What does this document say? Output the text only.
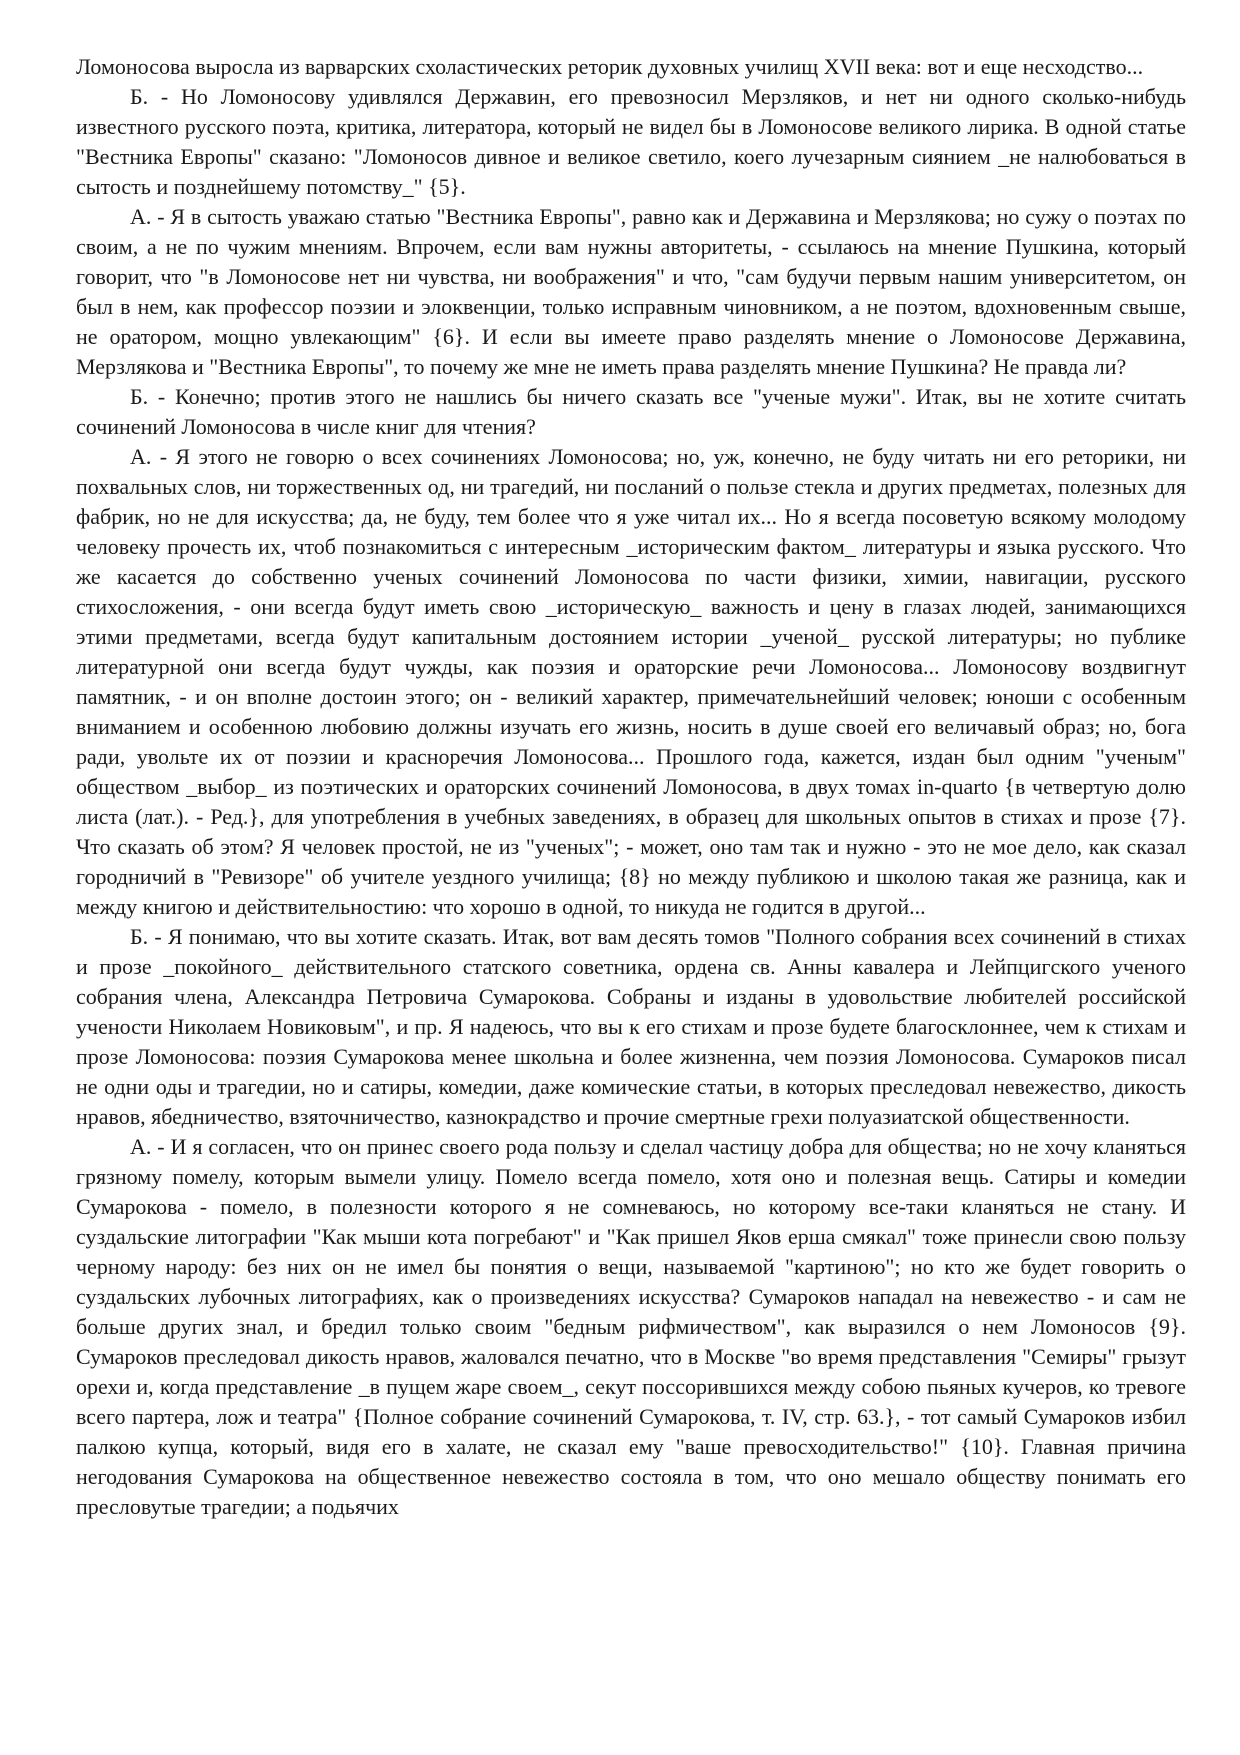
Ломоносова выросла из варварских схоластических реторик духовных училищ XVII века: вот и еще несходство...

Б. - Но Ломоносову удивлялся Державин, его превозносил Мерзляков, и нет ни одного сколько-нибудь известного русского поэта, критика, литератора, который не видел бы в Ломоносове великого лирика. В одной статье "Вестника Европы" сказано: "Ломоносов дивное и великое светило, коего лучезарным сиянием _не налюбоваться в сытость и позднейшему потомству_" {5}.

А. - Я в сытость уважаю статью "Вестника Европы", равно как и Державина и Мерзлякова; но сужу о поэтах по своим, а не по чужим мнениям. Впрочем, если вам нужны авторитеты, - ссылаюсь на мнение Пушкина, который говорит, что "в Ломоносове нет ни чувства, ни воображения" и что, "сам будучи первым нашим университетом, он был в нем, как профессор поэзии и элоквенции, только исправным чиновником, а не поэтом, вдохновенным свыше, не оратором, мощно увлекающим" {6}. И если вы имеете право разделять мнение о Ломоносове Державина, Мерзлякова и "Вестника Европы", то почему же мне не иметь права разделять мнение Пушкина? Не правда ли?

Б. - Конечно; против этого не нашлись бы ничего сказать все "ученые мужи". Итак, вы не хотите считать сочинений Ломоносова в числе книг для чтения?

А. - Я этого не говорю о всех сочинениях Ломоносова; но, уж, конечно, не буду читать ни его реторики, ни похвальных слов, ни торжественных од, ни трагедий, ни посланий о пользе стекла и других предметах, полезных для фабрик, но не для искусства; да, не буду, тем более что я уже читал их... Но я всегда посоветую всякому молодому человеку прочесть их, чтоб познакомиться с интересным _историческим фактом_ литературы и языка русского. Что же касается до собственно ученых сочинений Ломоносова по части физики, химии, навигации, русского стихосложения, - они всегда будут иметь свою _историческую_ важность и цену в глазах людей, занимающихся этими предметами, всегда будут капитальным достоянием истории _ученой_ русской литературы; но публике литературной они всегда будут чужды, как поэзия и ораторские речи Ломоносова... Ломоносову воздвигнут памятник, - и он вполне достоин этого; он - великий характер, примечательнейший человек; юноши с особенным вниманием и особенною любовию должны изучать его жизнь, носить в душе своей его величавый образ; но, бога ради, увольте их от поэзии и красноречия Ломоносова... Прошлого года, кажется, издан был одним "ученым" обществом _выбор_ из поэтических и ораторских сочинений Ломоносова, в двух томах in-quarto {в четвертую долю листа (лат.). - Ред.}, для употребления в учебных заведениях, в образец для школьных опытов в стихах и прозе {7}. Что сказать об этом? Я человек простой, не из "ученых"; - может, оно там так и нужно - это не мое дело, как сказал городничий в "Ревизоре" об учителе уездного училища; {8} но между публикою и школою такая же разница, как и между книгою и действительностию: что хорошо в одной, то никуда не годится в другой...

Б. - Я понимаю, что вы хотите сказать. Итак, вот вам десять томов "Полного собрания всех сочинений в стихах и прозе _покойного_ действительного статского советника, ордена св. Анны кавалера и Лейпцигского ученого собрания члена, Александра Петровича Сумарокова. Собраны и изданы в удовольствие любителей российской учености Николаем Новиковым", и пр. Я надеюсь, что вы к его стихам и прозе будете благосклоннее, чем к стихам и прозе Ломоносова: поэзия Сумарокова менее школьна и более жизненна, чем поэзия Ломоносова. Сумароков писал не одни оды и трагедии, но и сатиры, комедии, даже комические статьи, в которых преследовал невежество, дикость нравов, ябедничество, взяточничество, казнокрадство и прочие смертные грехи полуазиатской общественности.

А. - И я согласен, что он принес своего рода пользу и сделал частицу добра для общества; но не хочу кланяться грязному помелу, которым вымели улицу. Помело всегда помело, хотя оно и полезная вещь. Сатиры и комедии Сумарокова - помело, в полезности которого я не сомневаюсь, но которому все-таки кланяться не стану. И суздальские литографии "Как мыши кота погребают" и "Как пришел Яков ерша смякал" тоже принесли свою пользу черному народу: без них он не имел бы понятия о вещи, называемой "картиною"; но кто же будет говорить о суздальских лубочных литографиях, как о произведениях искусства? Сумароков нападал на невежество - и сам не больше других знал, и бредил только своим "бедным рифмичеством", как выразился о нем Ломоносов {9}. Сумароков преследовал дикость нравов, жаловался печатно, что в Москве "во время представления "Семиры" грызут орехи и, когда представление _в пущем жаре своем_, секут поссорившихся между собою пьяных кучеров, ко тревоге всего партера, лож и театра" {Полное собрание сочинений Сумарокова, т. IV, стр. 63.}, - тот самый Сумароков избил палкою купца, который, видя его в халате, не сказал ему "ваше превосходительство!" {10}. Главная причина негодования Сумарокова на общественное невежество состояла в том, что оно мешало обществу понимать его пресловутые трагедии; а подьячих
